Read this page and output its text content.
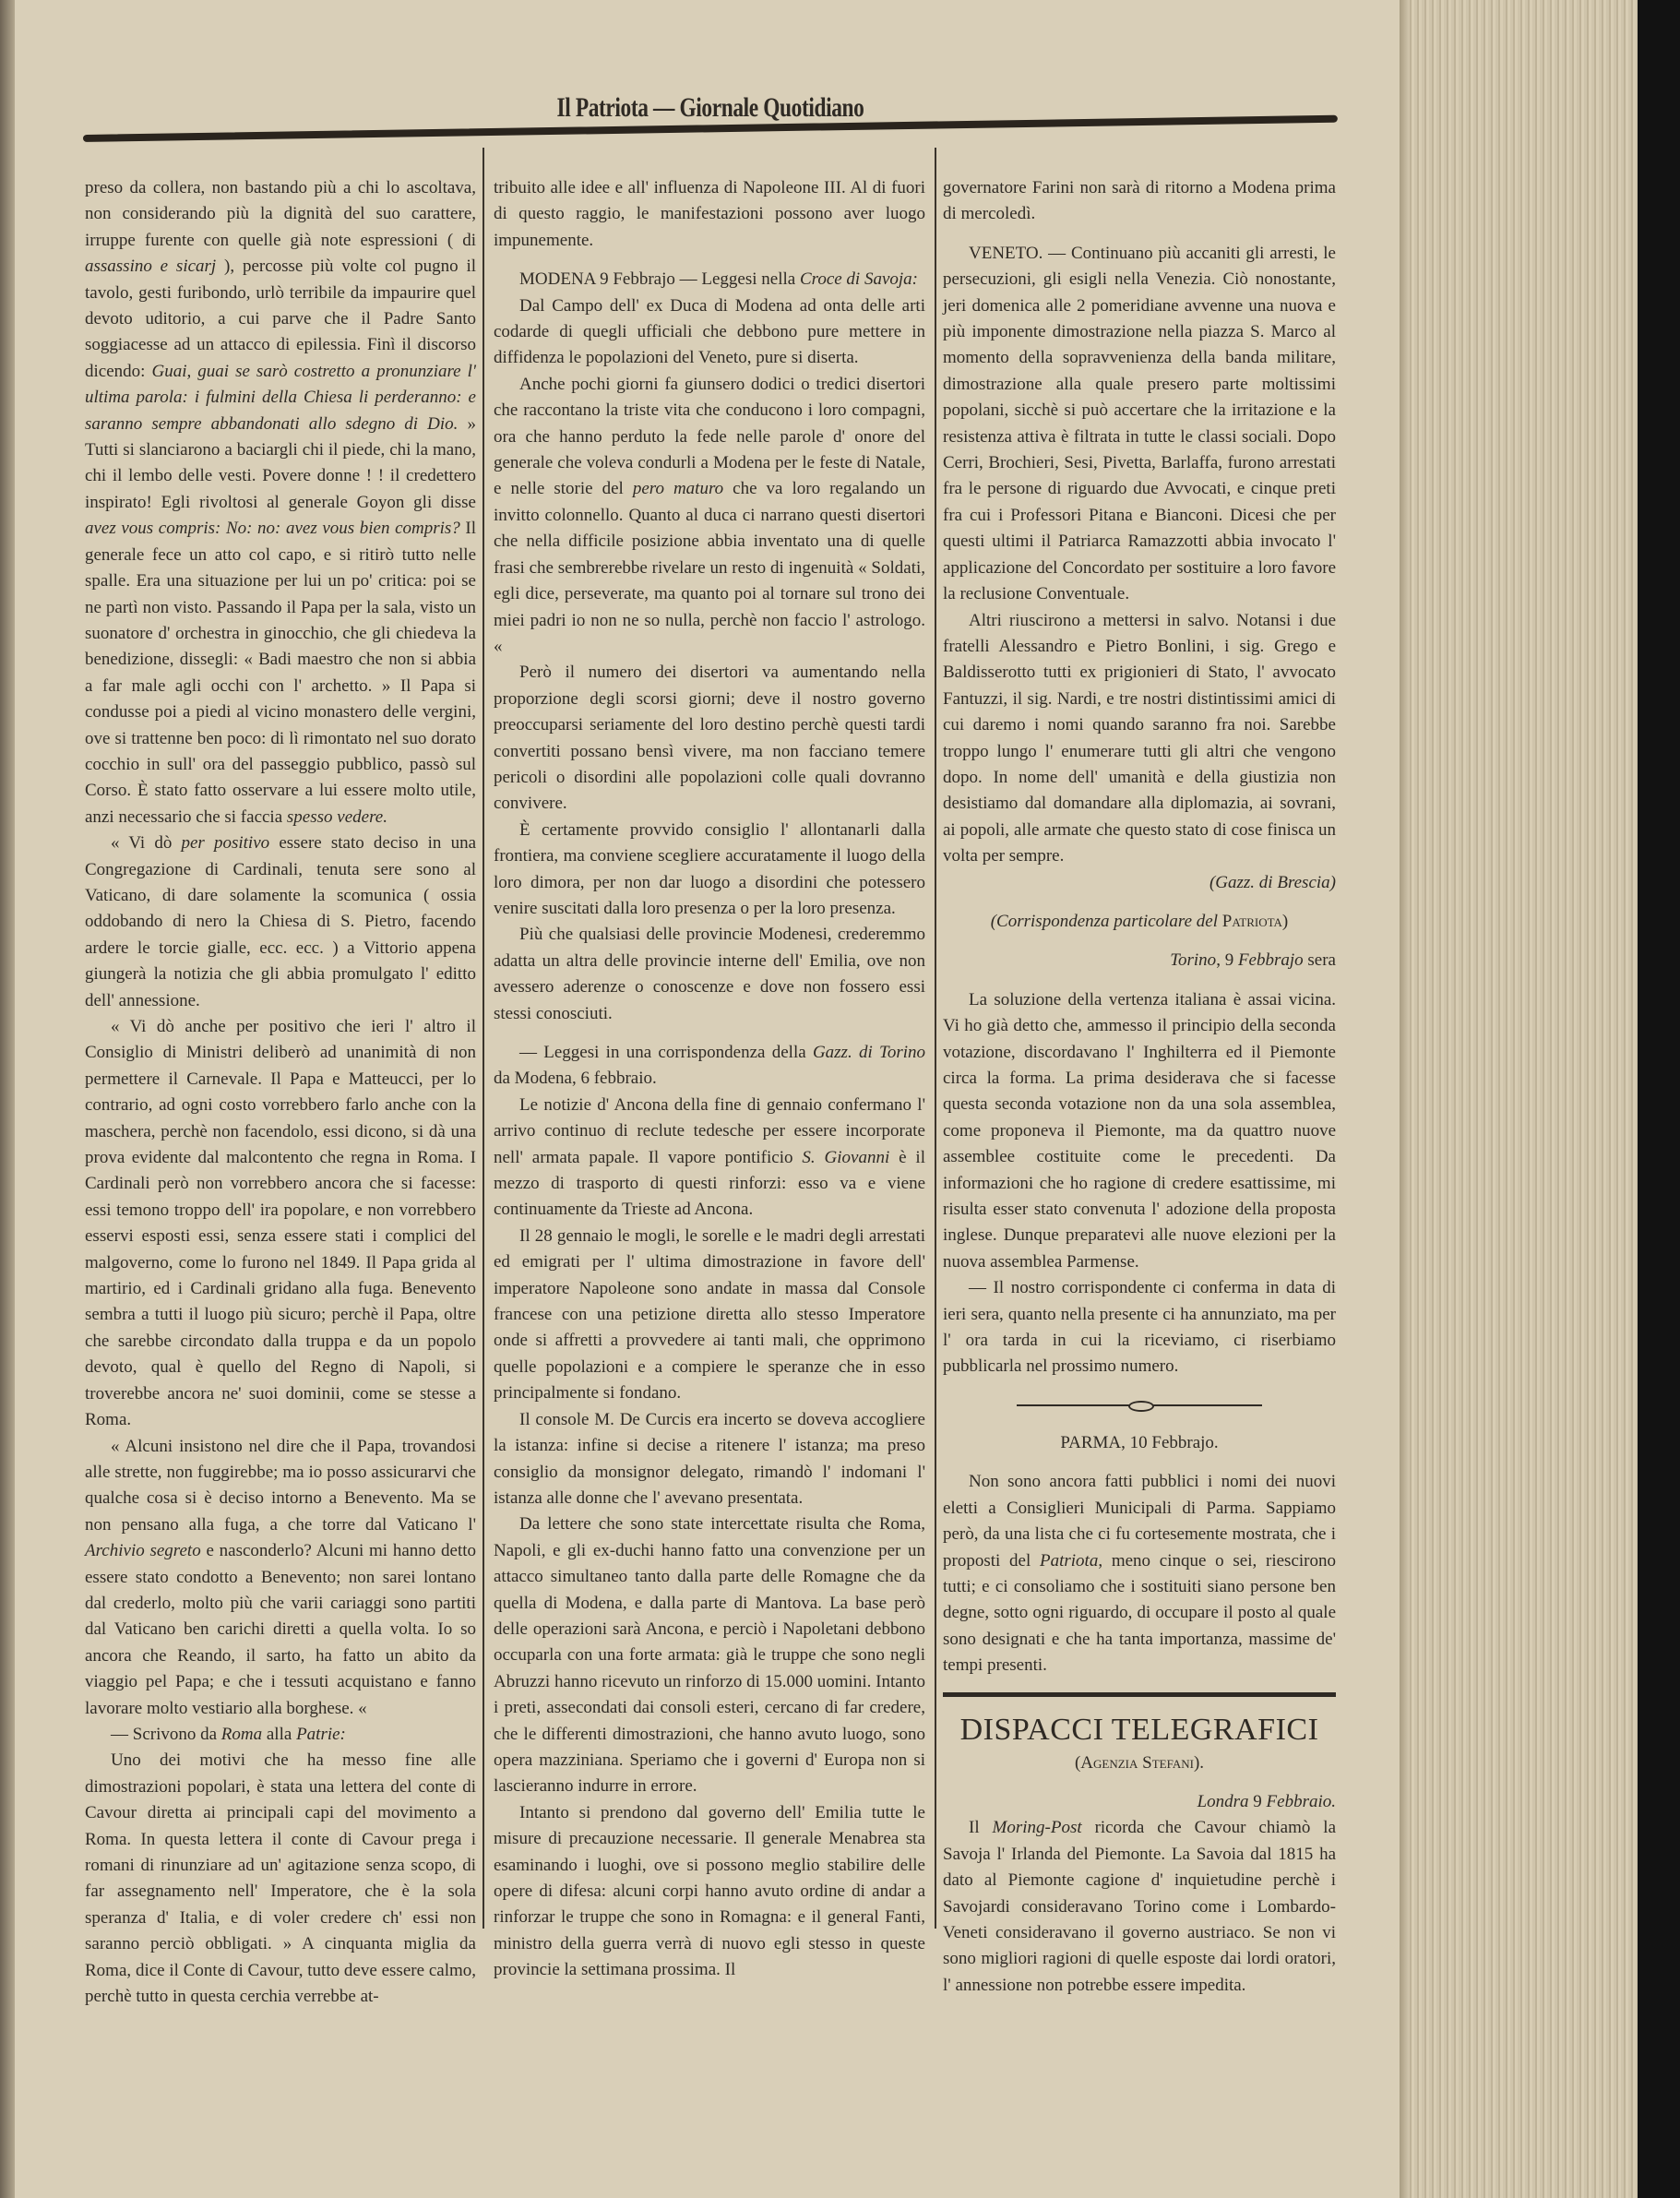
Il Patriota — Giornale Quotidiano

preso da collera, non bastando più a chi lo ascoltava, non considerando più la dignità del suo carattere, irruppe furente con quelle già note espressioni ( di assassino e sicarj ), percosse più volte col pugno il tavolo, gesti furibondo, urlò terribile da impaurire quel devoto uditorio, a cui parve che il Padre Santo soggiacesse ad un attacco di epilessia. Finì il discorso dicendo: Guai, guai se sarò costretto a pronunziare l' ultima parola: i fulmini della Chiesa li perderanno: e saranno sempre abbandonati allo sdegno di Dio. » Tutti si slanciarono a baciargli chi il piede, chi la mano, chi il lembo delle vesti. Povere donne ! ! il credettero inspirato! Egli rivoltosi al generale Goyon gli disse avez vous compris: No: no: avez vous bien compris? Il generale fece un atto col capo, e si ritirò tutto nelle spalle. Era una situazione per lui un po' critica: poi se ne partì non visto. Passando il Papa per la sala, visto un suonatore d' orchestra in ginocchio, che gli chiedeva la benedizione, dissegli: « Badi maestro che non si abbia a far male agli occhi con l' archetto. » Il Papa si condusse poi a piedi al vicino monastero delle vergini, ove si trattenne ben poco: di lì rimontato nel suo dorato cocchio in sull' ora del passeggio pubblico, passò sul Corso. È stato fatto osservare a lui essere molto utile, anzi necessario che si faccia spesso vedere.

« Vi dò per positivo essere stato deciso in una Congregazione di Cardinali, tenuta sere sono al Vaticano, di dare solamente la scomunica ( ossia oddobando di nero la Chiesa di S. Pietro, facendo ardere le torcie gialle, ecc. ecc. ) a Vittorio appena giungerà la notizia che gli abbia promulgato l' editto dell' annessione.

« Vi dò anche per positivo che ieri l' altro il Consiglio di Ministri deliberò ad unanimità di non permettere il Carnevale. Il Papa e Matteucci, per lo contrario, ad ogni costo vorrebbero farlo anche con la maschera, perchè non facendolo, essi dicono, si dà una prova evidente dal malcontento che regna in Roma. I Cardinali però non vorrebbero ancora che si facesse: essi temono troppo dell' ira popolare, e non vorrebbero esservi esposti essi, senza essere stati i complici del malgoverno, come lo furono nel 1849. Il Papa grida al martirio, ed i Cardinali gridano alla fuga. Benevento sembra a tutti il luogo più sicuro; perchè il Papa, oltre che sarebbe circondato dalla truppa e da un popolo devoto, qual è quello del Regno di Napoli, si troverebbe ancora ne' suoi dominii, come se stesse a Roma.

« Alcuni insistono nel dire che il Papa, trovandosi alle strette, non fuggirebbe; ma io posso assicurarvi che qualche cosa si è deciso intorno a Benevento. Ma se non pensano alla fuga, a che torre dal Vaticano l' Archivio segreto e nasconderlo? Alcuni mi hanno detto essere stato condotto a Benevento; non sarei lontano dal crederlo, molto più che varii cariaggi sono partiti dal Vaticano ben carichi diretti a quella volta. Io so ancora che Reando, il sarto, ha fatto un abito da viaggio pel Papa; e che i tessuti acquistano e fanno lavorare molto vestiario alla borghese. «

— Scrivono da Roma alla Patrie:

Uno dei motivi che ha messo fine alle dimostrazioni popolari, è stata una lettera del conte di Cavour diretta ai principali capi del movimento a Roma. In questa lettera il conte di Cavour prega i romani di rinunziare ad un' agitazione senza scopo, di far assegnamento nell' Imperatore, che è la sola speranza d' Italia, e di voler credere ch' essi non saranno perciò obbligati. » A cinquanta miglia da Roma, dice il Conte di Cavour, tutto deve essere calmo, perchè tutto in questa cerchia verrebbe at-

tribuito alle idee e all' influenza di Napoleone III. Al di fuori di questo raggio, le manifestazioni possono aver luogo impunemente.

MODENA 9 Febbrajo — Leggesi nella Croce di Savoja:

Dal Campo dell' ex Duca di Modena ad onta delle arti codarde di quegli ufficiali che debbono pure mettere in diffidenza le popolazioni del Veneto, pure si diserta.

Anche pochi giorni fa giunsero dodici o tredici disertori che raccontano la triste vita che conducono i loro compagni, ora che hanno perduto la fede nelle parole d' onore del generale che voleva condurli a Modena per le feste di Natale, e nelle storie del pero maturo che va loro regalando un invitto colonnello. Quanto al duca ci narrano questi disertori che nella difficile posizione abbia inventato una di quelle frasi che sembrerebbe rivelare un resto di ingenuità « Soldati, egli dice, perseverate, ma quanto poi al tornare sul trono dei miei padri io non ne so nulla, perchè non faccio l' astrologo. «

Però il numero dei disertori va aumentando nella proporzione degli scorsi giorni; deve il nostro governo preoccuparsi seriamente del loro destino perchè questi tardi convertiti possano bensì vivere, ma non facciano temere pericoli o disordini alle popolazioni colle quali dovranno convivere.

È certamente provvido consiglio l' allontanarli dalla frontiera, ma conviene scegliere accuratamente il luogo della loro dimora, per non dar luogo a disordini che potessero venire suscitati dalla loro presenza o per la loro presenza.

Più che qualsiasi delle provincie Modenesi, crederemmo adatta un altra delle provincie interne dell' Emilia, ove non avessero aderenze o conoscenze e dove non fossero essi stessi conosciuti.

— Leggesi in una corrispondenza della Gazz. di Torino da Modena, 6 febbraio.

Le notizie d' Ancona della fine di gennaio confermano l' arrivo continuo di reclute tedesche per essere incorporate nell' armata papale. Il vapore pontificio S. Giovanni è il mezzo di trasporto di questi rinforzi: esso va e viene continuamente da Trieste ad Ancona.

Il 28 gennaio le mogli, le sorelle e le madri degli arrestati ed emigrati per l' ultima dimostrazione in favore dell' imperatore Napoleone sono andate in massa dal Console francese con una petizione diretta allo stesso Imperatore onde si affretti a provvedere ai tanti mali, che opprimono quelle popolazioni e a compiere le speranze che in esso principalmente si fondano.

Il console M. De Curcis era incerto se doveva accogliere la istanza: infine si decise a ritenere l' istanza; ma preso consiglio da monsignor delegato, rimandò l' indomani l' istanza alle donne che l' avevano presentata.

Da lettere che sono state intercettate risulta che Roma, Napoli, e gli ex-duchi hanno fatto una convenzione per un attacco simultaneo tanto dalla parte delle Romagne che da quella di Modena, e dalla parte di Mantova. La base però delle operazioni sarà Ancona, e perciò i Napoletani debbono occuparla con una forte armata: già le truppe che sono negli Abruzzi hanno ricevuto un rinforzo di 15.000 uomini. Intanto i preti, assecondati dai consoli esteri, cercano di far credere, che le differenti dimostrazioni, che hanno avuto luogo, sono opera mazziniana. Speriamo che i governi d' Europa non si lascieranno indurre in errore.

Intanto si prendono dal governo dell' Emilia tutte le misure di precauzione necessarie. Il generale Menabrea sta esaminando i luoghi, ove si possono meglio stabilire delle opere di difesa: alcuni corpi hanno avuto ordine di andar a rinforzar le truppe che sono in Romagna: e il general Fanti, ministro della guerra verrà di nuovo egli stesso in queste provincie la settimana prossima. Il

governatore Farini non sarà di ritorno a Modena prima di mercoledì.

VENETO. — Continuano più accaniti gli arresti, le persecuzioni, gli esigli nella Venezia. Ciò nonostante, jeri domenica alle 2 pomeridiane avvenne una nuova e più imponente dimostrazione nella piazza S. Marco al momento della sopravvenienza della banda militare, dimostrazione alla quale presero parte moltissimi popolani, sicchè si può accertare che la irritazione e la resistenza attiva è filtrata in tutte le classi sociali. Dopo Cerri, Brochieri, Sesi, Pivetta, Barlaffa, furono arrestati fra le persone di riguardo due Avvocati, e cinque preti fra cui i Professori Pitana e Bianconi. Dicesi che per questi ultimi il Patriarca Ramazzotti abbia invocato l' applicazione del Concordato per sostituire a loro favore la reclusione Conventuale.

Altri riuscirono a mettersi in salvo. Notansi i due fratelli Alessandro e Pietro Bonlini, i sig. Grego e Baldisserotto tutti ex prigionieri di Stato, l' avvocato Fantuzzi, il sig. Nardi, e tre nostri distintissimi amici di cui daremo i nomi quando saranno fra noi. Sarebbe troppo lungo l' enumerare tutti gli altri che vengono dopo. In nome dell' umanità e della giustizia non desistiamo dal domandare alla diplomazia, ai sovrani, ai popoli, alle armate che questo stato di cose finisca un volta per sempre.

(Gazz. di Brescia)

(Corrispondenza particolare del Patriota)

Torino, 9 Febbrajo sera

La soluzione della vertenza italiana è assai vicina. Vi ho già detto che, ammesso il principio della seconda votazione, discordavano l' Inghilterra ed il Piemonte circa la forma. La prima desiderava che si facesse questa seconda votazione non da una sola assemblea, come proponeva il Piemonte, ma da quattro nuove assemblee costituite come le precedenti. Da informazioni che ho ragione di credere esattissime, mi risulta esser stato convenuta l' adozione della proposta inglese. Dunque preparatevi alle nuove elezioni per la nuova assemblea Parmense.

— Il nostro corrispondente ci conferma in data di ieri sera, quanto nella presente ci ha annunziato, ma per l' ora tarda in cui la riceviamo, ci riserbiamo pubblicarla nel prossimo numero.

PARMA, 10 Febbrajo.

Non sono ancora fatti pubblici i nomi dei nuovi eletti a Consiglieri Municipali di Parma. Sappiamo però, da una lista che ci fu cortesemente mostrata, che i proposti del Patriota, meno cinque o sei, riescirono tutti; e ci consoliamo che i sostituiti siano persone ben degne, sotto ogni riguardo, di occupare il posto al quale sono designati e che ha tanta importanza, massime de' tempi presenti.

DISPACCI TELEGRAFICI

(Agenzia Stefani).

Londra 9 Febbraio.

Il Moring-Post ricorda che Cavour chiamò la Savoja l' Irlanda del Piemonte. La Savoia dal 1815 ha dato al Piemonte cagione d' inquietudine perchè i Savojardi consideravano Torino come i Lombardo-Veneti consideravano il governo austriaco. Se non vi sono migliori ragioni di quelle esposte dai lordi oratori, l' annessione non potrebbe essere impedita.
